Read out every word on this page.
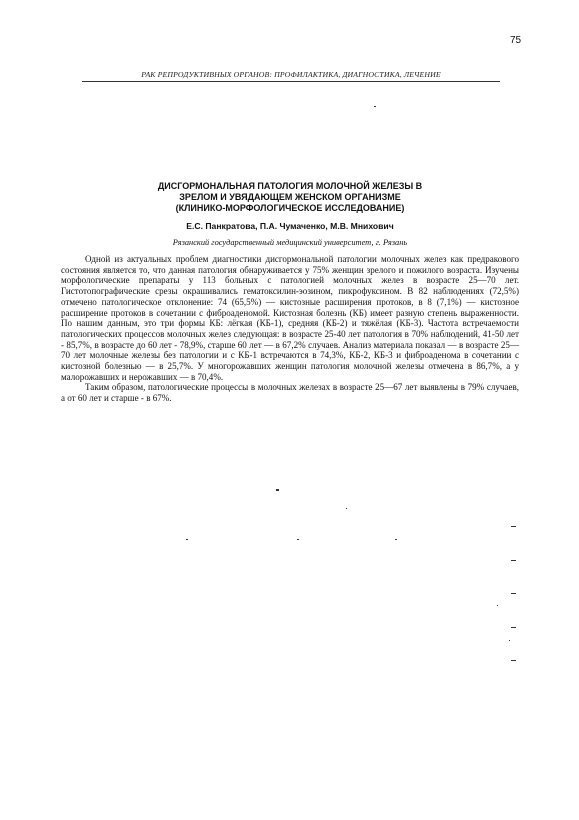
75
РАК РЕПРОДУКТИВНЫХ ОРГАНОВ: ПРОФИЛАКТИКА, ДИАГНОСТИКА, ЛЕЧЕНИЕ
ДИСГОРМОНАЛЬНАЯ ПАТОЛОГИЯ МОЛОЧНОЙ ЖЕЛЕЗЫ В
ЗРЕЛОМ И УВЯДАЮЩЕМ ЖЕНСКОМ ОРГАНИЗМЕ
(КЛИНИКО-МОРФОЛОГИЧЕСКОЕ ИССЛЕДОВАНИЕ)
Е.С. Панкратова, П.А. Чумаченко, М.В. Мнихович
Рязанский государственный медицинский университет, г. Рязань

Одной из актуальных проблем диагностики дисгормональной патологии молочных желез как предракового состояния является то, что данная патология обнаруживается у 75% женщин зрелого и пожилого возраста. Изучены морфологические препараты у 113 больных с патологией молочных желез в возрасте 25—70 лет. Гистотопографические срезы окрашивались гематоксилин-эозином, пикрофуксином. В 82 наблюдениях (72,5%) отмечено патологическое отклонение: 74 (65,5%) — кистозные расширения протоков, в 8 (7,1%) — кистозное расширение протоков в сочетании с фиброаденомой. Кистозная болезнь (КБ) имеет разную степень выраженности. По нашим данным, это три формы КБ: лёгкая (КБ-1), средняя (КБ-2) и тяжёлая (КБ-3). Частота встречаемости патологических процессов молочных желез следующая: в возрасте 25-40 лет патология в 70% наблюдений, 41-50 лет - 85,7%, в возрасте до 60 лет - 78,9%, старше 60 лет — в 67,2% случаев. Анализ материала показал — в возрасте 25—70 лет молочные железы без патологии и с КБ-1 встречаются в 74,3%, КБ-2, КБ-3 и фиброаденома в сочетании с кистозной болезнью — в 25,7%. У многорожавших женщин патология молочной железы отмечена в 86,7%, а у малорожавших и нерожавших — в 70,4%.

Таким образом, патологические процессы в молочных железах в возрасте 25—67 лет выявлены в 79% случаев, а от 60 лет и старше - в 67%.
